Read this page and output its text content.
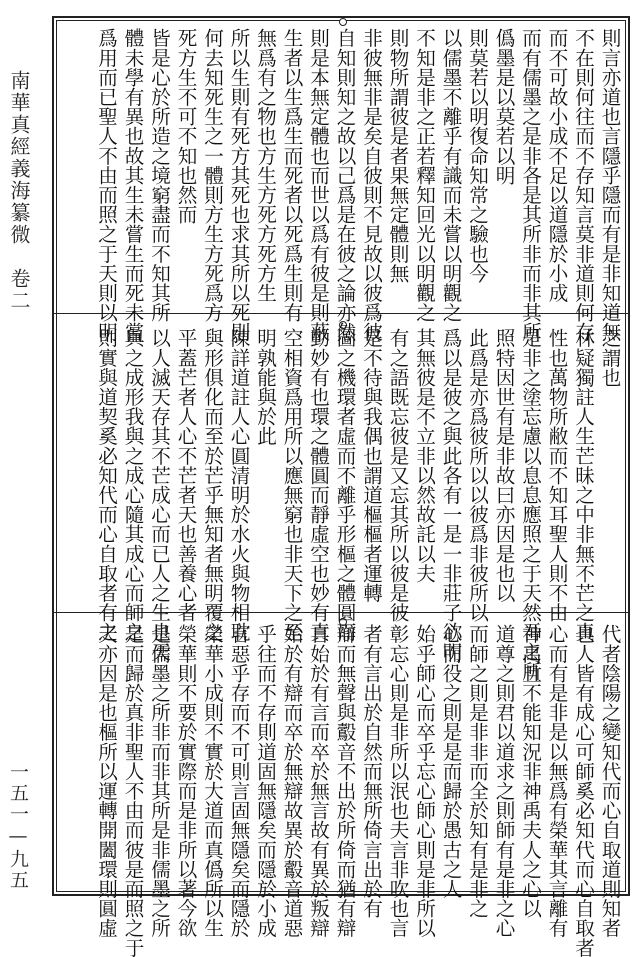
南華真經義海纂微　卷二
一五一—九五
則言亦道也言隱乎隱而有是非知道無
不在則何往而不存知言莫非道則何存
而不可故小成不足以道隱於小成
而有儒墨之是非各是其所非而非其所
僞墨是以莫若以明
則莫若以明復命知常之驗也今
以儒墨不離乎有識而未嘗以明觀之
不知是非之正若釋知回光以明觀之
則物所謂彼是者果無定體則無
非彼無非是矣自彼則不見故以彼爲彼
自知則知之故以己爲是在彼之論亦然
則是本無定體也而世以爲有彼是則蔽
生者以生爲生而死者以死爲生則有
無爲有之物也方生方死方死方生
所以生則有死方其死也求其所以死則
何去知死生之一體則方生方死爲方
死方生不可不知也然而
皆是心於所造之境窮盡而不知其所
體未學有異也故其生未嘗生而死未嘗
爲用而已聖人不由而照之于天則以明
之謂也
林疑獨註人生芒昧之中非無不芒之真
性也萬物所敝而不知耳聖人則不由
是非之塗忘慮以息息應照之于天然吾之所
照特因世有是非故曰亦因是也以
此爲是亦爲彼所以以彼爲非彼所以
爲以是彼之與此各有一是一非莊子欲明
其無彼是不立非以然故託以夫
有之語既忘彼是又忘其所以彼是彼
是不待與我偶也謂道樞樞者運轉
圖之機環者虛而不離乎形樞之體圓而
動妙有也環之體圓而靜虛空也妙有真
空相資爲用所以應無窮也非天下之至
明孰能與於此
陳詳道註人心圓清明於水火與物相耽
與形俱化而至於芒乎無知者無明覆之
平蓋芒者人心不芒者天也善養心者
以人滅天存其不芒成心而已人之生也天
與之成形我與之成心隨其成心而師之
則實與道契奚必知代而心自取者有之
代者陰陽之變知代而心自取道則知者
也人皆有成心可師奚必知代而心自取者
心而有是非是以無爲有榮華其言離有
神禹且不能知況非神禹夫人之心以
道尊之則君以道求之則師有是非之心
而師之則是非非而全於知有是非之
心而役之則是是而歸於愚古之人
始乎師心而卒乎忘心師心則是非所以
彰忘心則是非所以泯也夫言非吹也言
者有言出於自然而無所倚言出於有
辯而無聲與鷇音不出於所倚而猶有辯
言始於有言而卒於無言故有異於叛辯
始於有辯而卒於無辯故異於鷇音道惡
乎往而不存則道固無隱矣而隱於小成
言惡乎存而不可則言固無隱矣而隱於
榮華小成則不實於大道而真僞所以生
榮華則不要於實際而是非所以著今欲
是儒墨之所非而非其所是非儒墨之所
是而歸於真非聖人不由而彼是而照之于
天亦因是也樞所以運轉開闔環則圓虛
